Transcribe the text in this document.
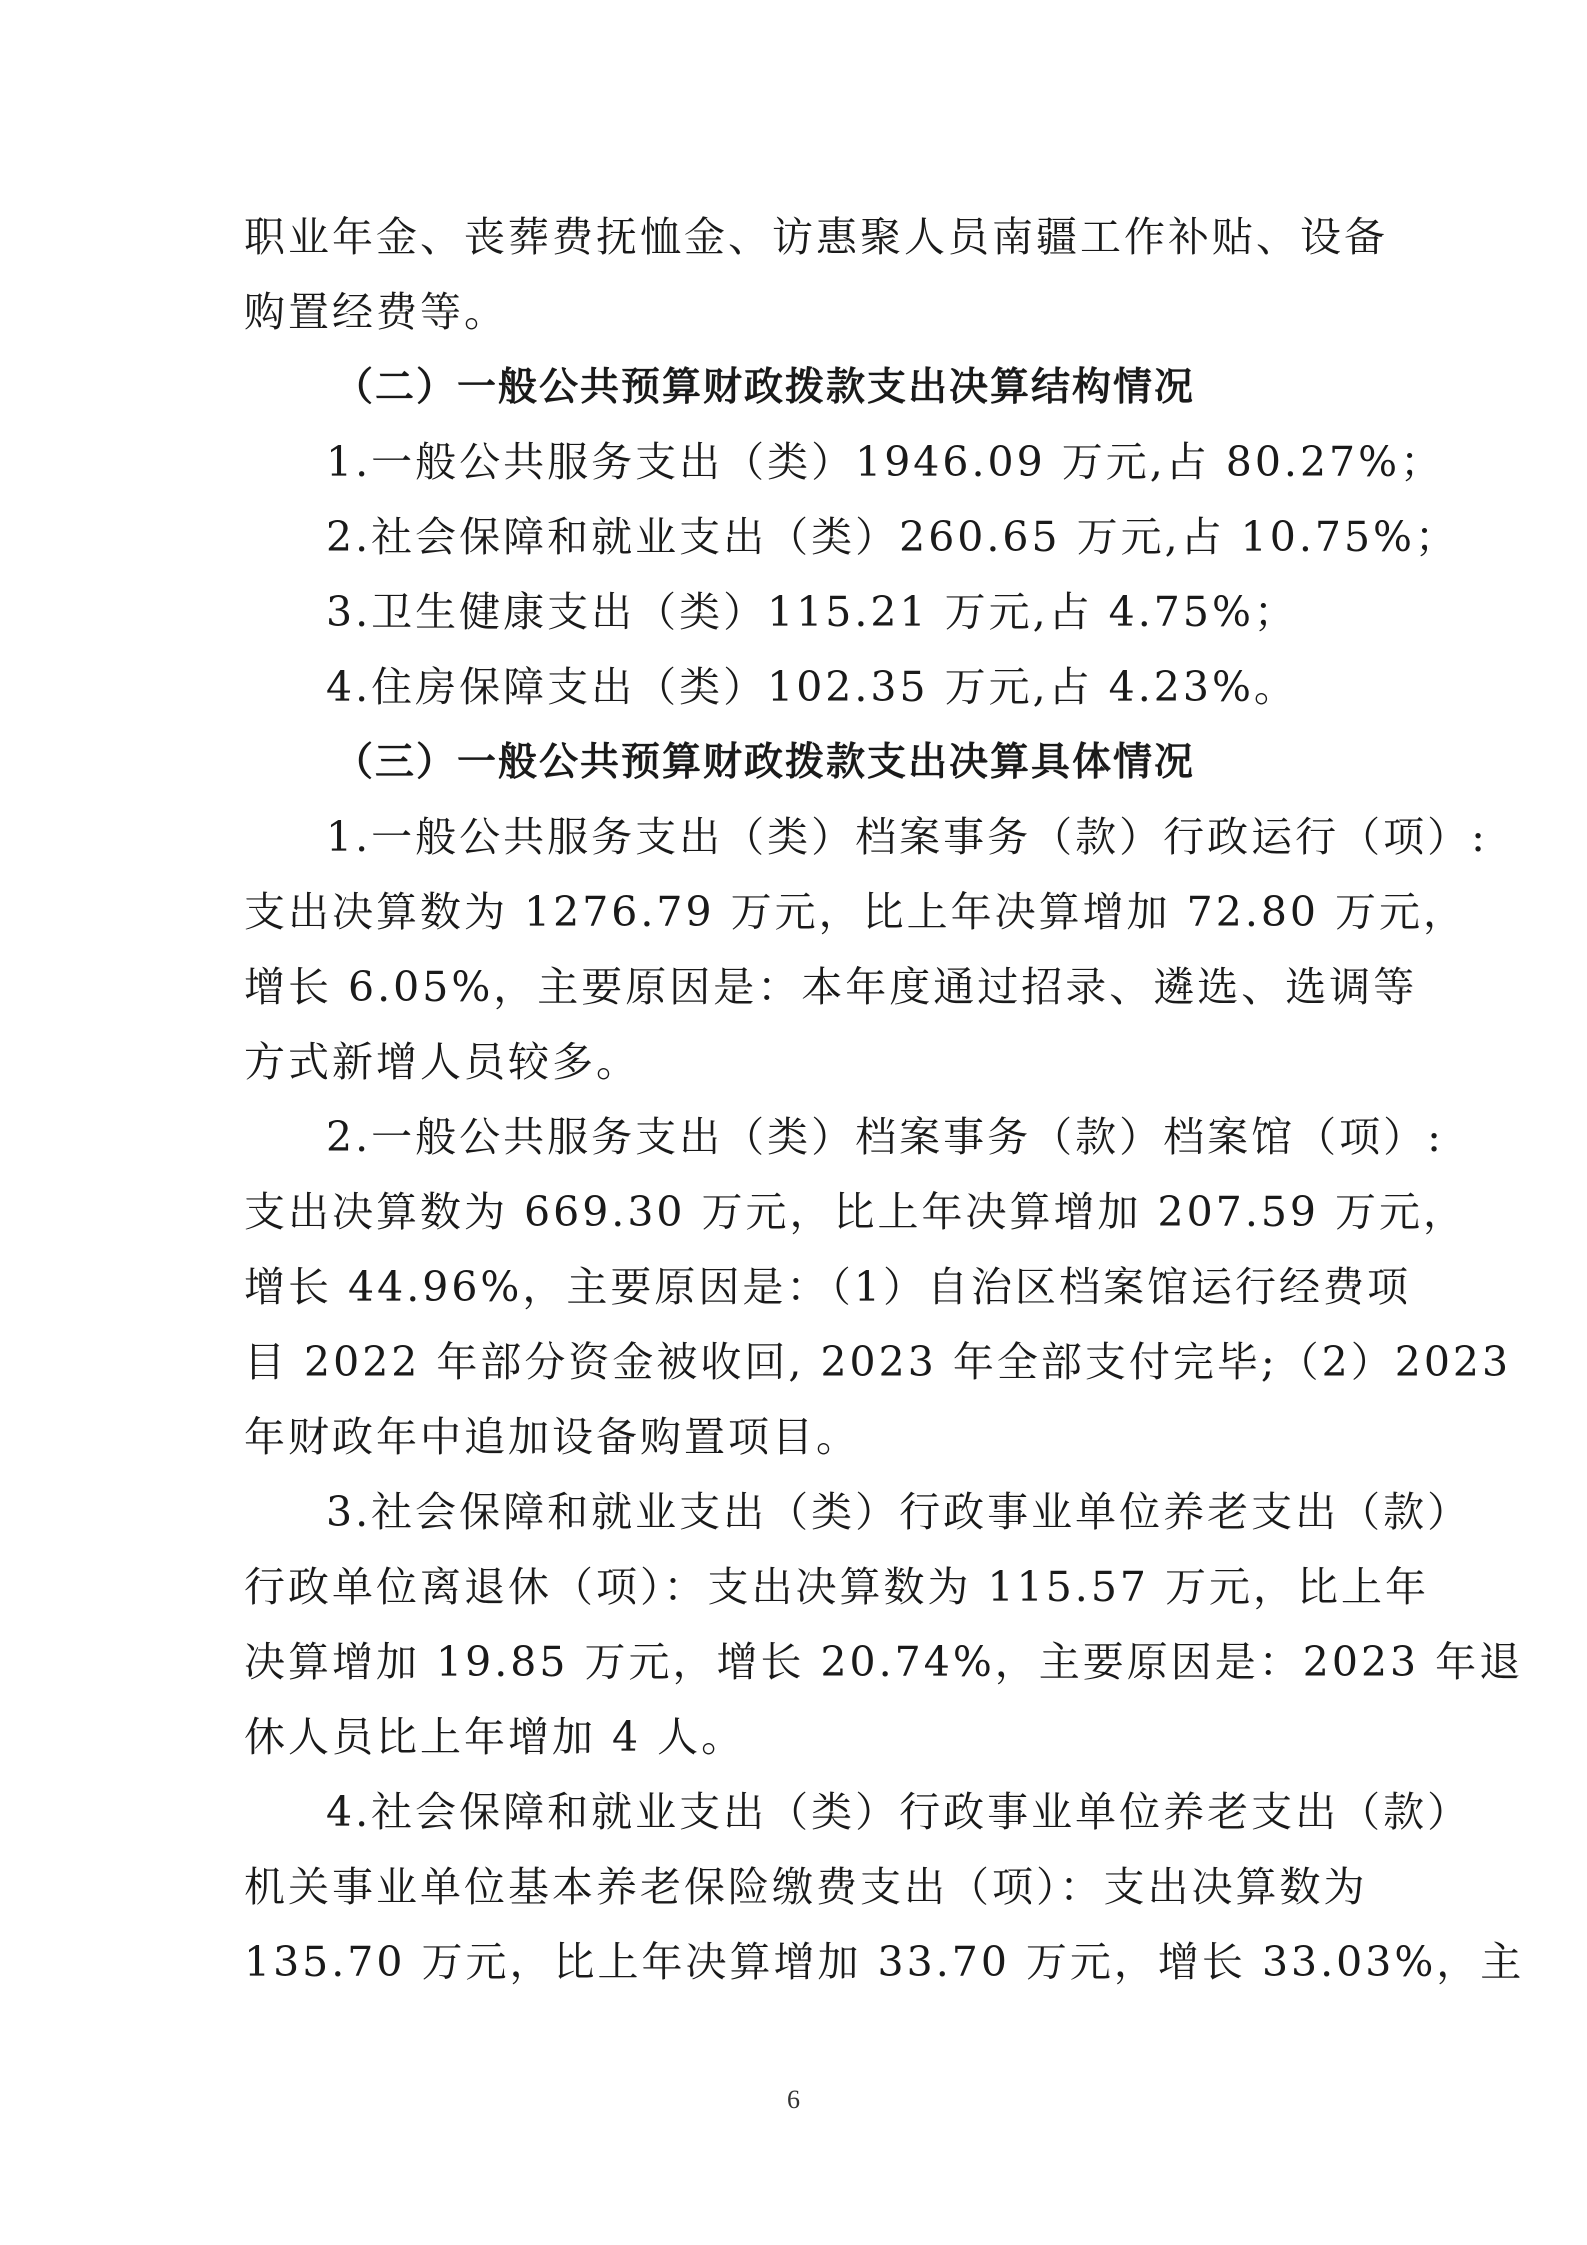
职业年金、丧葬费抚恤金、访惠聚人员南疆工作补贴、设备
购置经费等。
（二）一般公共预算财政拨款支出决算结构情况
1.一般公共服务支出（类）1946.09 万元,占 80.27%；
2.社会保障和就业支出（类）260.65 万元,占 10.75%；
3.卫生健康支出（类）115.21 万元,占 4.75%；
4.住房保障支出（类）102.35 万元,占 4.23%。
（三）一般公共预算财政拨款支出决算具体情况
1.一般公共服务支出（类）档案事务（款）行政运行（项）:
支出决算数为 1276.79 万元，比上年决算增加 72.80 万元，
增长 6.05%，主要原因是：本年度通过招录、遴选、选调等
方式新增人员较多。
2.一般公共服务支出（类）档案事务（款）档案馆（项）:
支出决算数为 669.30 万元，比上年决算增加 207.59 万元，
增长 44.96%，主要原因是：（1）自治区档案馆运行经费项
目 2022 年部分资金被收回, 2023 年全部支付完毕;（2）2023
年财政年中追加设备购置项目。
3.社会保障和就业支出（类）行政事业单位养老支出（款）
行政单位离退休（项）：支出决算数为 115.57 万元，比上年
决算增加 19.85 万元，增长 20.74%，主要原因是：2023 年退
休人员比上年增加 4 人。
4.社会保障和就业支出（类）行政事业单位养老支出（款）
机关事业单位基本养老保险缴费支出（项）：支出决算数为
135.70 万元，比上年决算增加 33.70 万元，增长 33.03%，主
6
